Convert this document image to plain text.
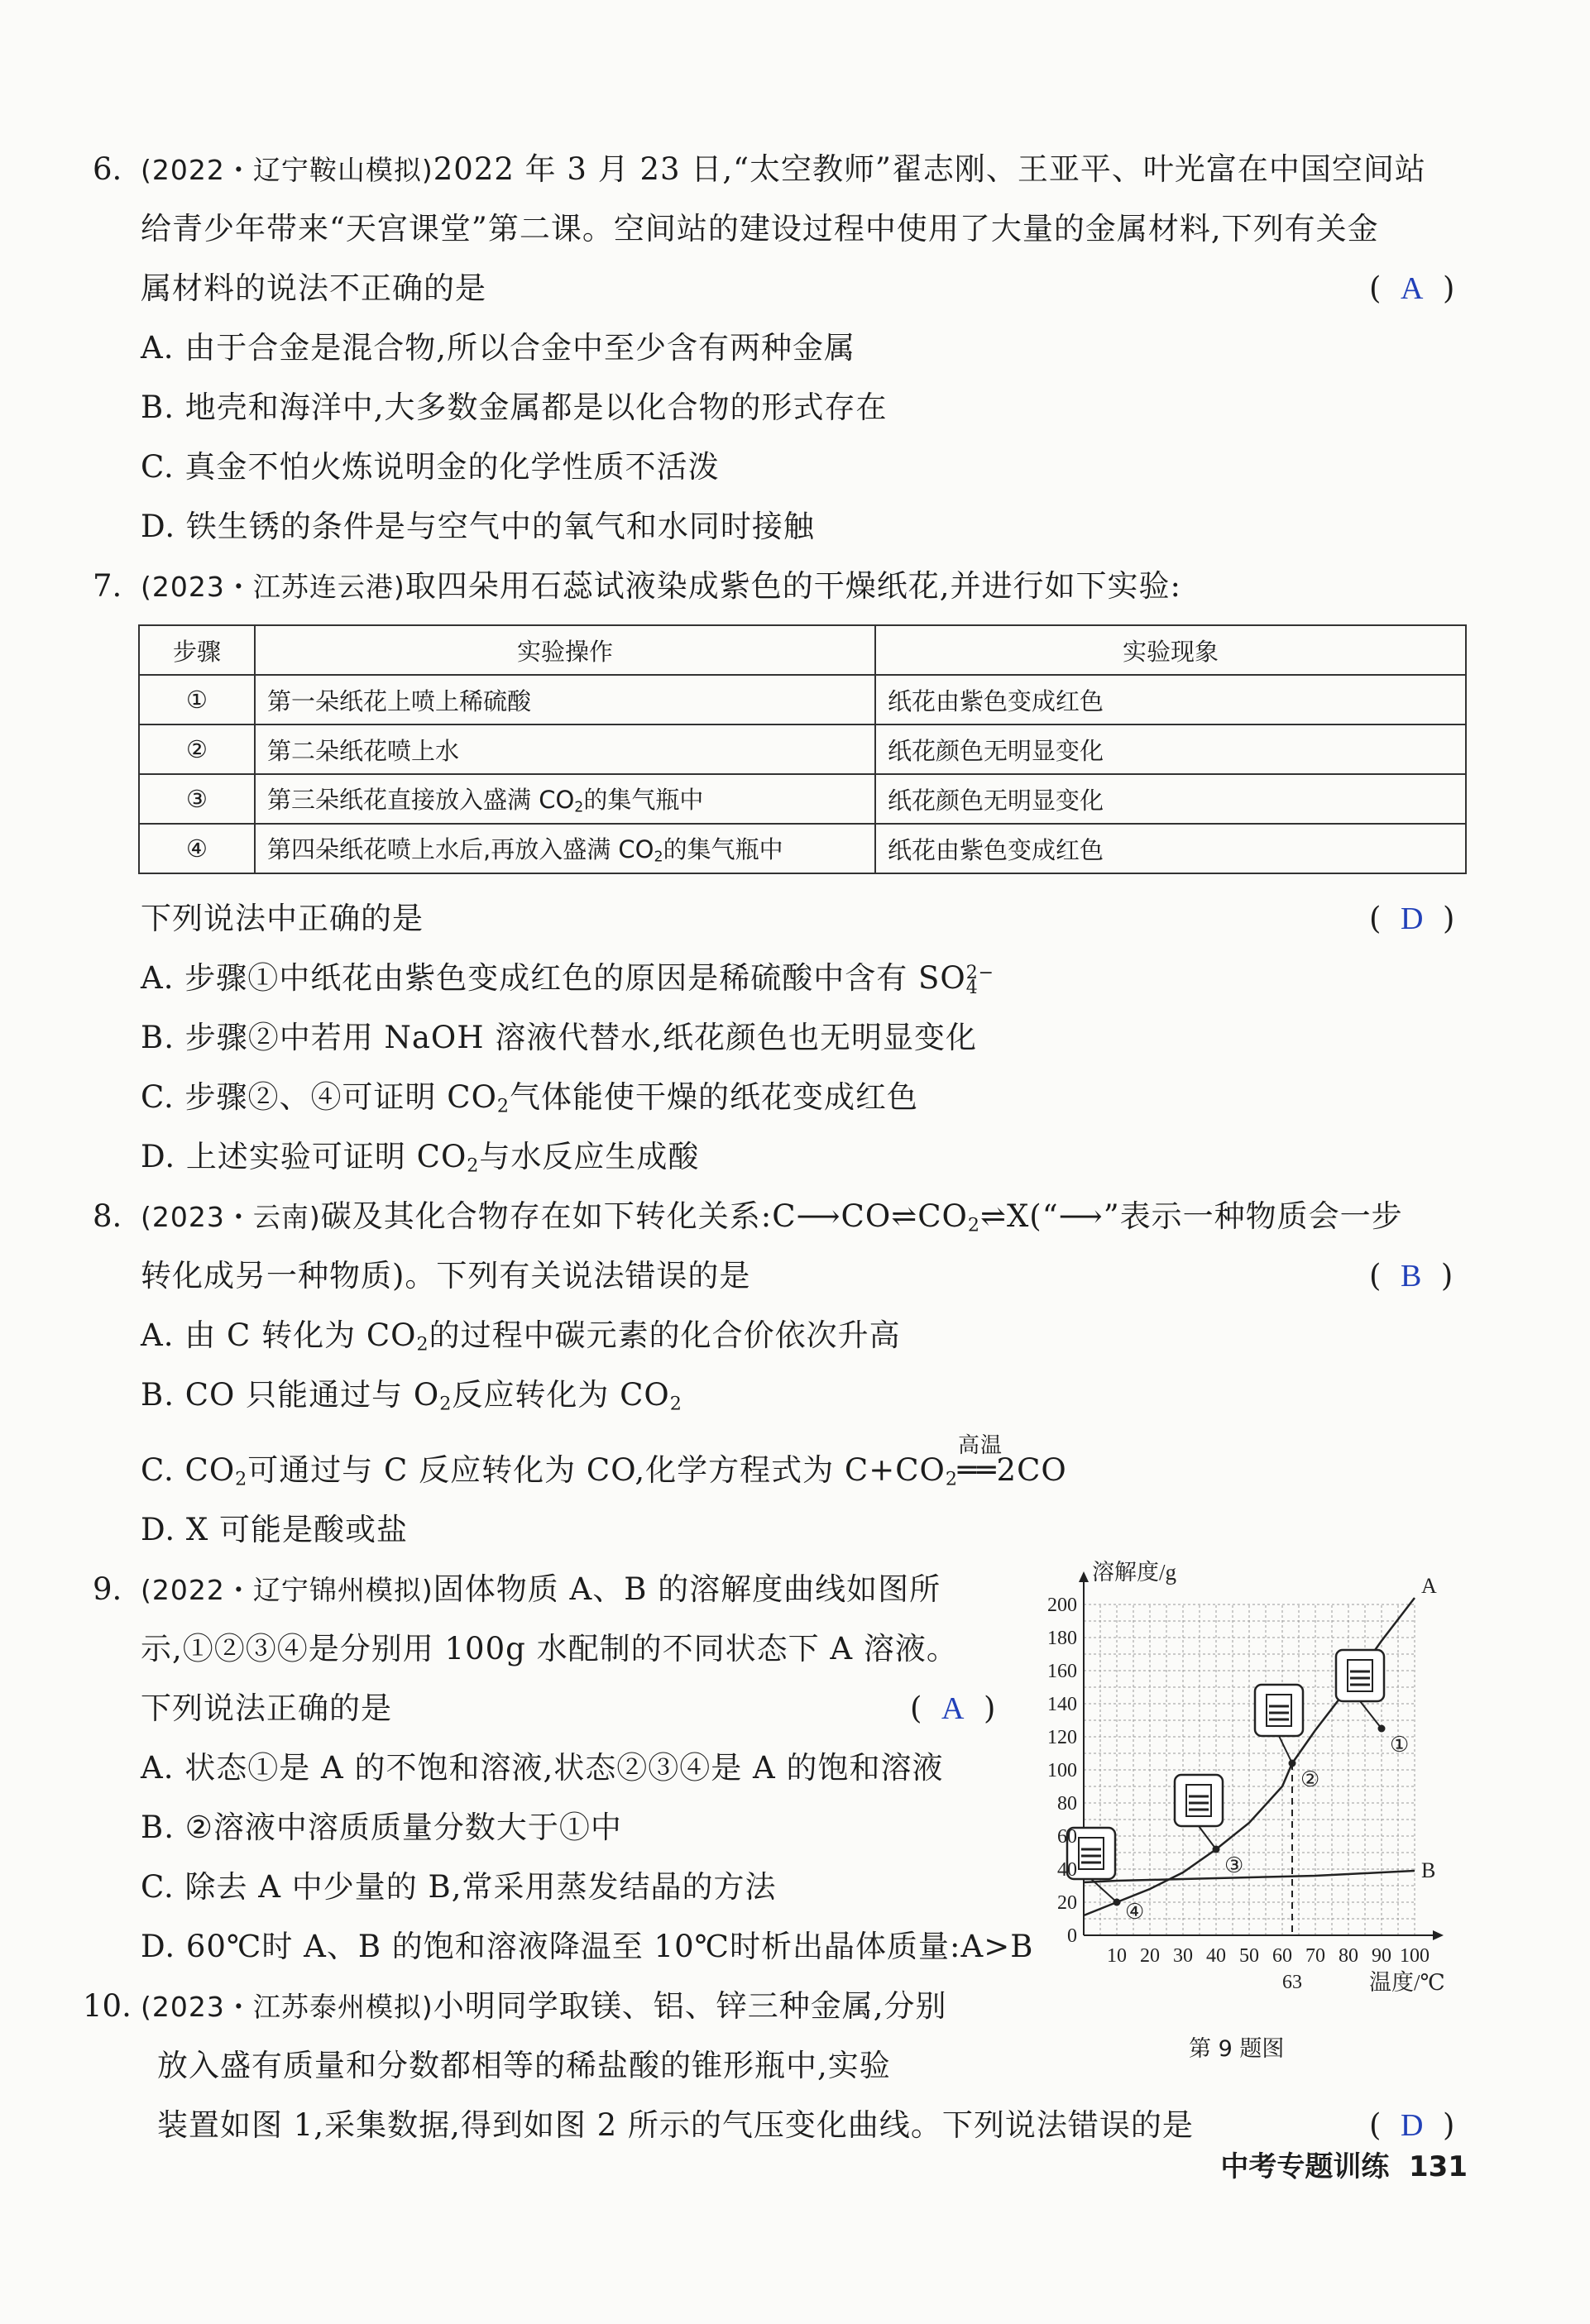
6. (2022・辽宁鞍山模拟)2022 年 3 月 23 日,“太空教师”翟志刚、王亚平、叶光富在中国空间站
给青少年带来“天宫课堂”第二课。空间站的建设过程中使用了大量的金属材料,下列有关金
属材料的说法不正确的是	(  A  )
A. 由于合金是混合物,所以合金中至少含有两种金属
B. 地壳和海洋中,大多数金属都是以化合物的形式存在
C. 真金不怕火炼说明金的化学性质不活泼
D. 铁生锈的条件是与空气中的氧气和水同时接触
7. (2023・江苏连云港)取四朵用石蕊试液染成紫色的干燥纸花,并进行如下实验:
步骤	实验操作	实验现象
①	第一朵纸花上喷上稀硫酸	纸花由紫色变成红色
②	第二朵纸花喷上水	纸花颜色无明显变化
③	第三朵纸花直接放入盛满 $CO_2$的集气瓶中	纸花颜色无明显变化
④	第四朵纸花喷上水后,再放入盛满 $CO_2$的集气瓶中	纸花由紫色变成红色
下列说法中正确的是	(  D  )
A. 步骤①中纸花由紫色变成红色的原因是稀硫酸中含有 SO 2−
4
B. 步骤②中若用 NaOH 溶液代替水,纸花颜色也无明显变化
C. 步骤②、④可证明 $CO_2$气体能使干燥的纸花变成红色
D. 上述实验可证明 $CO_2$与水反应生成酸
8. (2023・云南)碳及其化合物存在如下转化关系$:C⟶CO\rightleftharpoons CO_2\rightleftharpoons X(“⟶$”表示一种物质会一步
转化成另一种物质)。下列有关说法错误的是	(  B  )
A. 由 C 转化为 $CO_2$的过程中碳元素的化合价依次升高
B. CO 只能通过与 $O_2$反应转化为 $CO_2$
C. $CO_2$可通过与 C 反应转化为 CO,化学方程式为 $C+CO_2$
高温
══2CO
D. X 可能是酸或盐
9. (2022・辽宁锦州模拟)固体物质 A、B 的溶解度曲线如图所
示,①②③④是分别用 100g 水配制的不同状态下 A 溶液。
下列说法正确的是	(  A  )
A. 状态①是 A 的不饱和溶液,状态②③④是 A 的饱和溶液
B. ②溶液中溶质质量分数大于①中
C. 除去 A 中少量的 B,常采用蒸发结晶的方法
D. 60℃时 A、B 的饱和溶液降温至 10℃时析出晶体质量:A>B
A
B
①
②
③
④
10 20 30 40 50 60 70 80 90 100
0
20
40
60
80
100
120
140
160
180
200
63
溶解度/g
温度/℃
第 9 题图
10. (2023・江苏泰州模拟)小明同学取镁、铝、锌三种金属,分别
放入盛有质量和分数都相等的稀盐酸的锥形瓶中,实验
装置如图 1,采集数据,得到如图 2 所示的气压变化曲线。下列说法错误的是	(  D  )
中考专题训练 131
